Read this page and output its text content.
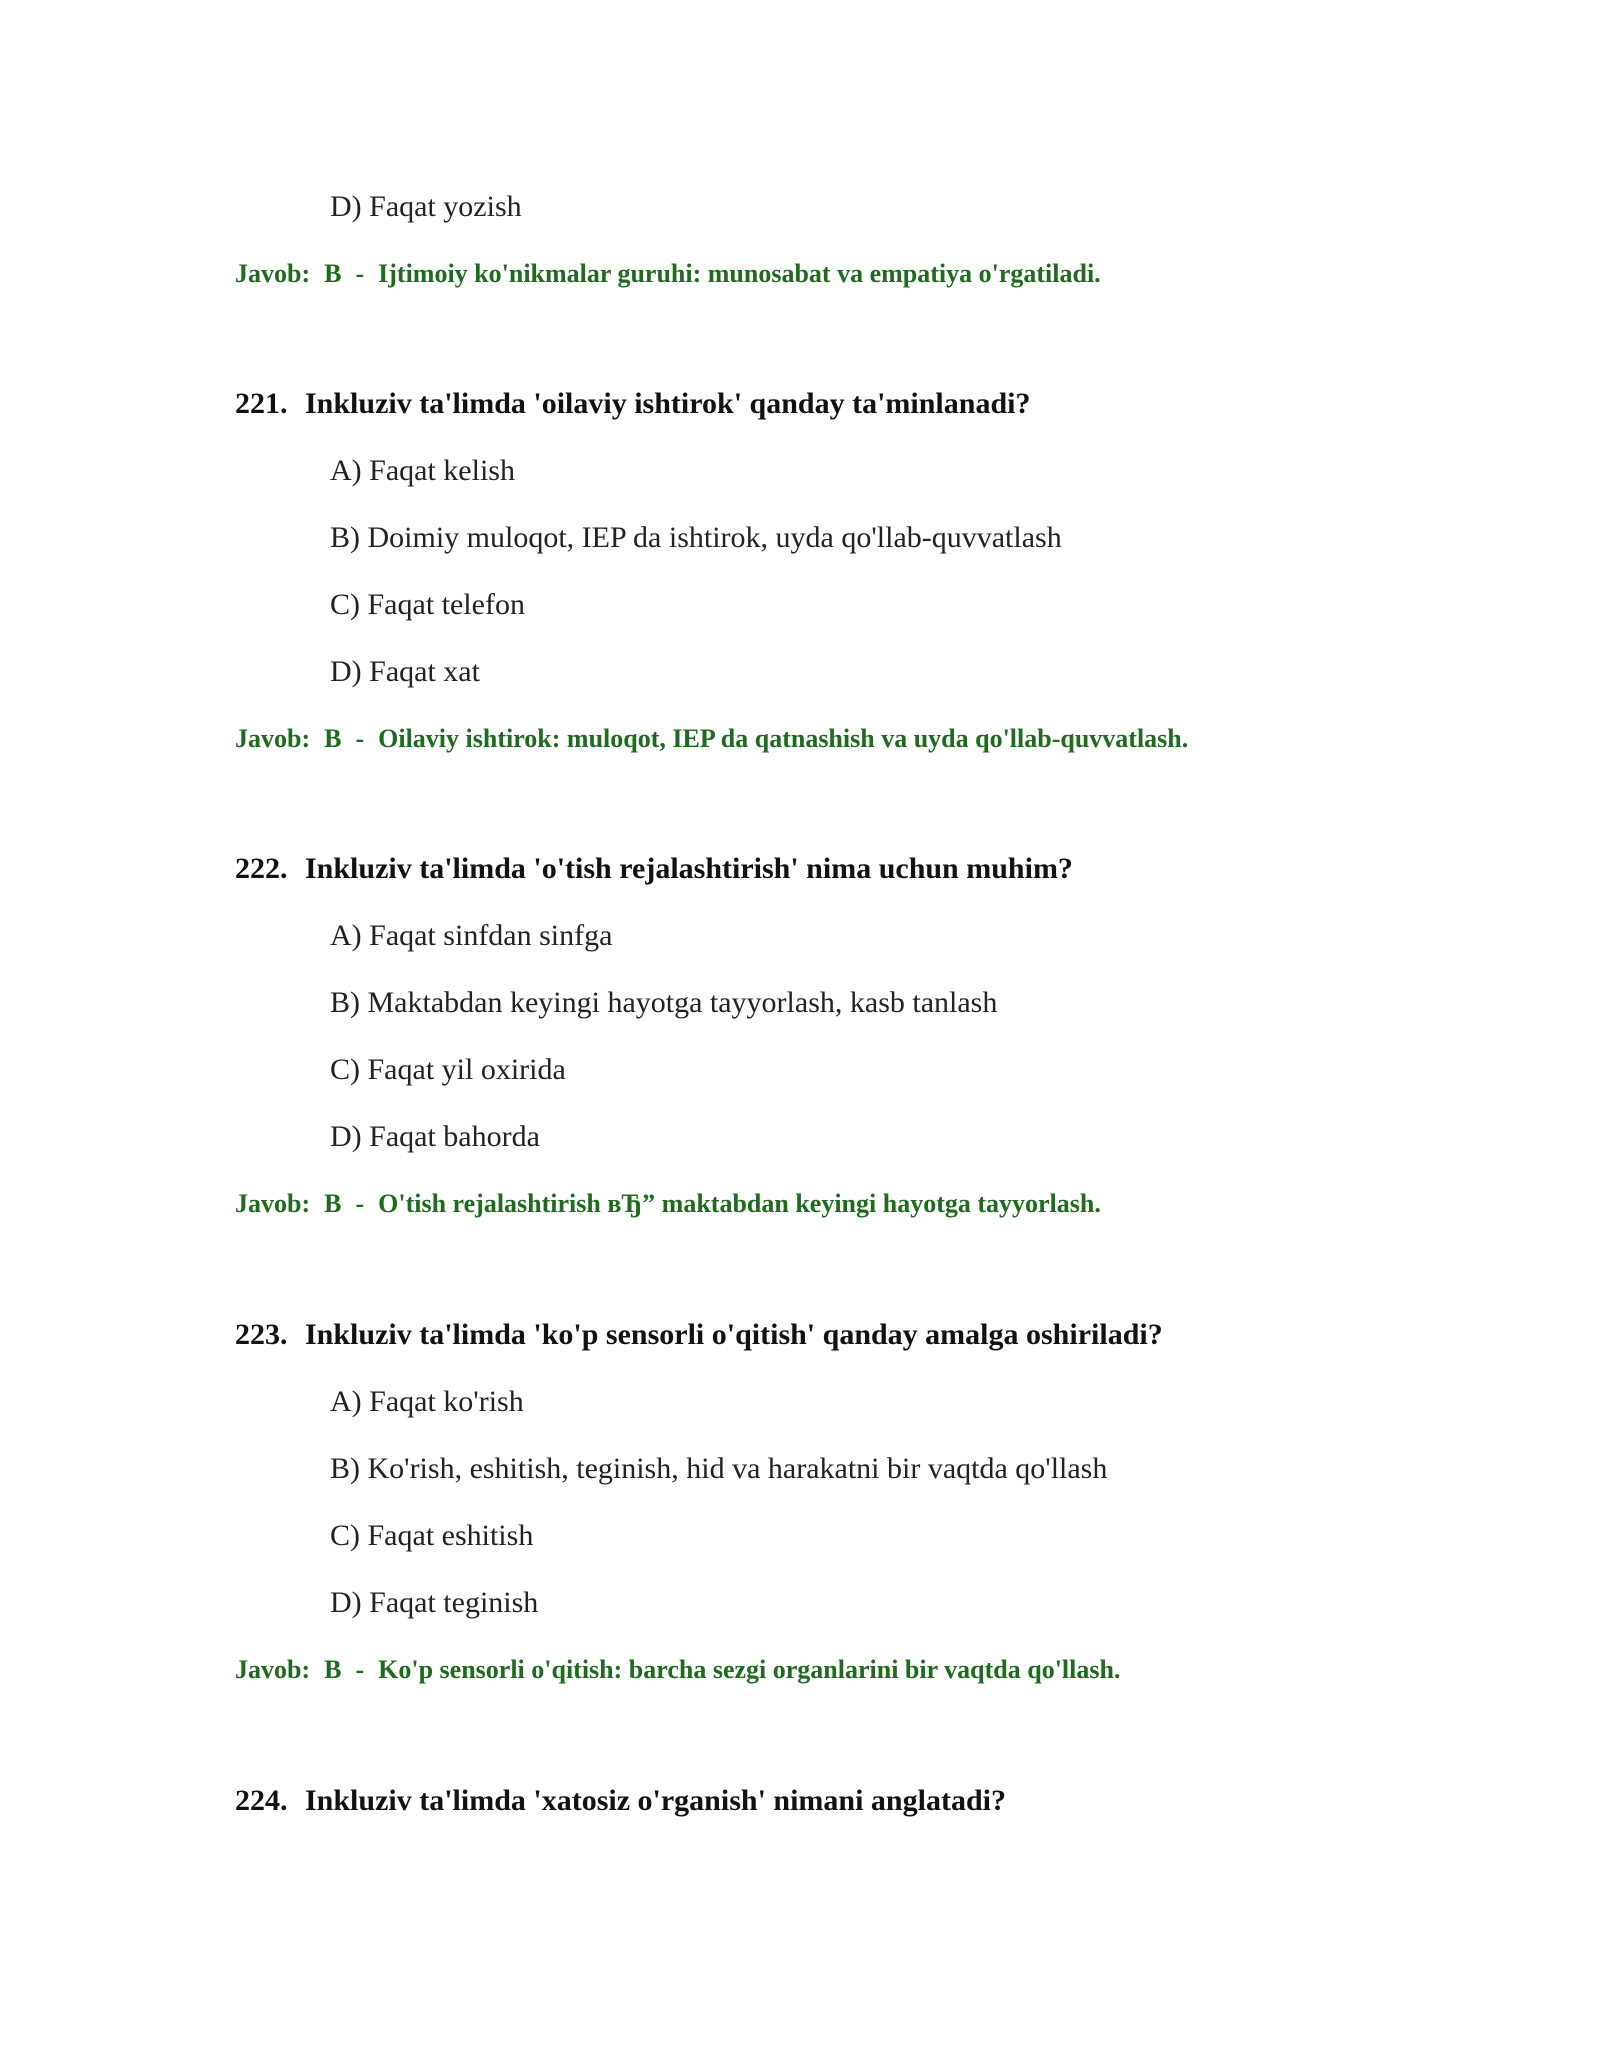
D) Faqat yozish
Javob: B - Ijtimoiy ko'nikmalar guruhi: munosabat va empatiya o'rgatiladi.
221. Inkluziv ta'limda 'oilaviy ishtirok' qanday ta'minlanadi?
A) Faqat kelish
B) Doimiy muloqot, IEP da ishtirok, uyda qo'llab-quvvatlash
C) Faqat telefon
D) Faqat xat
Javob: B - Oilaviy ishtirok: muloqot, IEP da qatnashish va uyda qo'llab-quvvatlash.
222. Inkluziv ta'limda 'o'tish rejalashtirish' nima uchun muhim?
A) Faqat sinfdan sinfga
B) Maktabdan keyingi hayotga tayyorlash, kasb tanlash
C) Faqat yil oxirida
D) Faqat bahorda
Javob: B - O'tish rejalashtirish вЂ” maktabdan keyingi hayotga tayyorlash.
223. Inkluziv ta'limda 'ko'p sensorli o'qitish' qanday amalga oshiriladi?
A) Faqat ko'rish
B) Ko'rish, eshitish, teginish, hid va harakatni bir vaqtda qo'llash
C) Faqat eshitish
D) Faqat teginish
Javob: B - Ko'p sensorli o'qitish: barcha sezgi organlarini bir vaqtda qo'llash.
224. Inkluziv ta'limda 'xatosiz o'rganish' nimani anglatadi?
